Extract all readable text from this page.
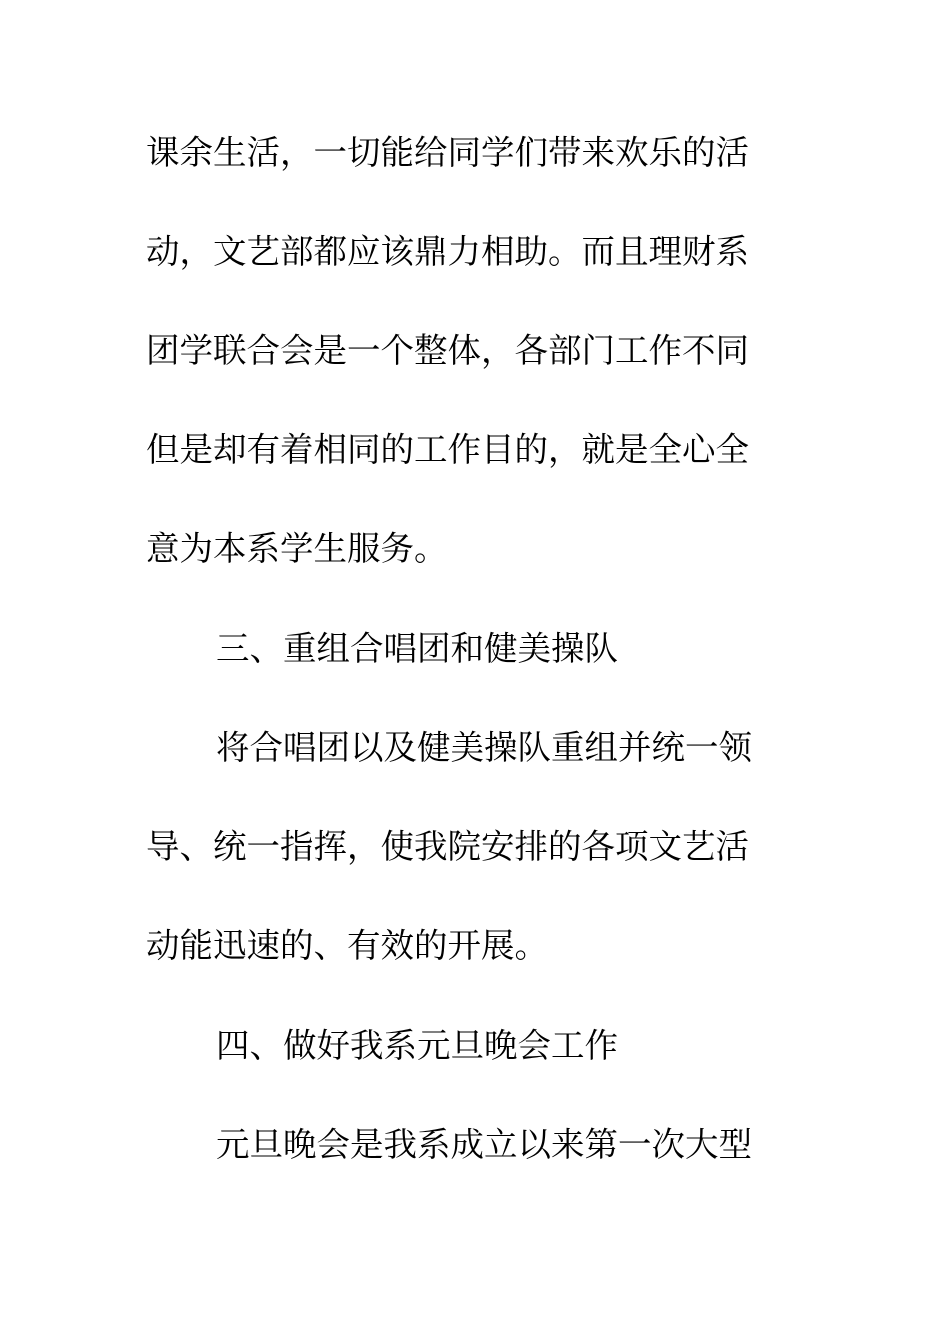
课余生活，一切能给同学们带来欢乐的活
动，文艺部都应该鼎力相助。而且理财系
团学联合会是一个整体，各部门工作不同
但是却有着相同的工作目的，就是全心全
意为本系学生服务。
三、重组合唱团和健美操队
将合唱团以及健美操队重组并统一领
导、统一指挥，使我院安排的各项文艺活
动能迅速的、有效的开展。
四、做好我系元旦晚会工作
元旦晚会是我系成立以来第一次大型
